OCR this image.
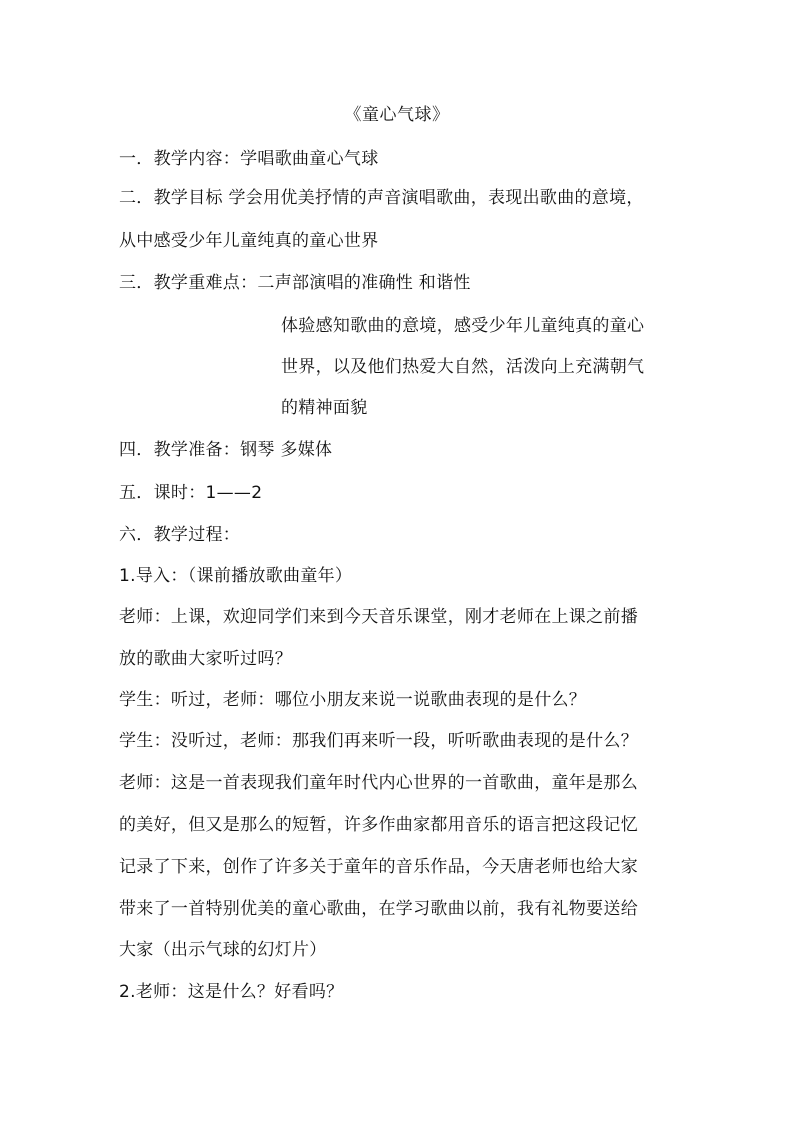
《童心气球》
一．教学内容：学唱歌曲童心气球
二．教学目标 学会用优美抒情的声音演唱歌曲，表现出歌曲的意境，
从中感受少年儿童纯真的童心世界
三．教学重难点：二声部演唱的准确性 和谐性
体验感知歌曲的意境，感受少年儿童纯真的童心
世界，以及他们热爱大自然，活泼向上充满朝气
的精神面貌
四．教学准备：钢琴 多媒体
五．课时：1——2
六．教学过程：
1.导入：（课前播放歌曲童年）
老师：上课，欢迎同学们来到今天音乐课堂，刚才老师在上课之前播
放的歌曲大家听过吗？
学生：听过，老师：哪位小朋友来说一说歌曲表现的是什么？
学生：没听过，老师：那我们再来听一段，听听歌曲表现的是什么？
老师：这是一首表现我们童年时代内心世界的一首歌曲，童年是那么
的美好，但又是那么的短暂，许多作曲家都用音乐的语言把这段记忆
记录了下来，创作了许多关于童年的音乐作品，今天唐老师也给大家
带来了一首特别优美的童心歌曲，在学习歌曲以前，我有礼物要送给
大家（出示气球的幻灯片）
2.老师：这是什么？好看吗？
